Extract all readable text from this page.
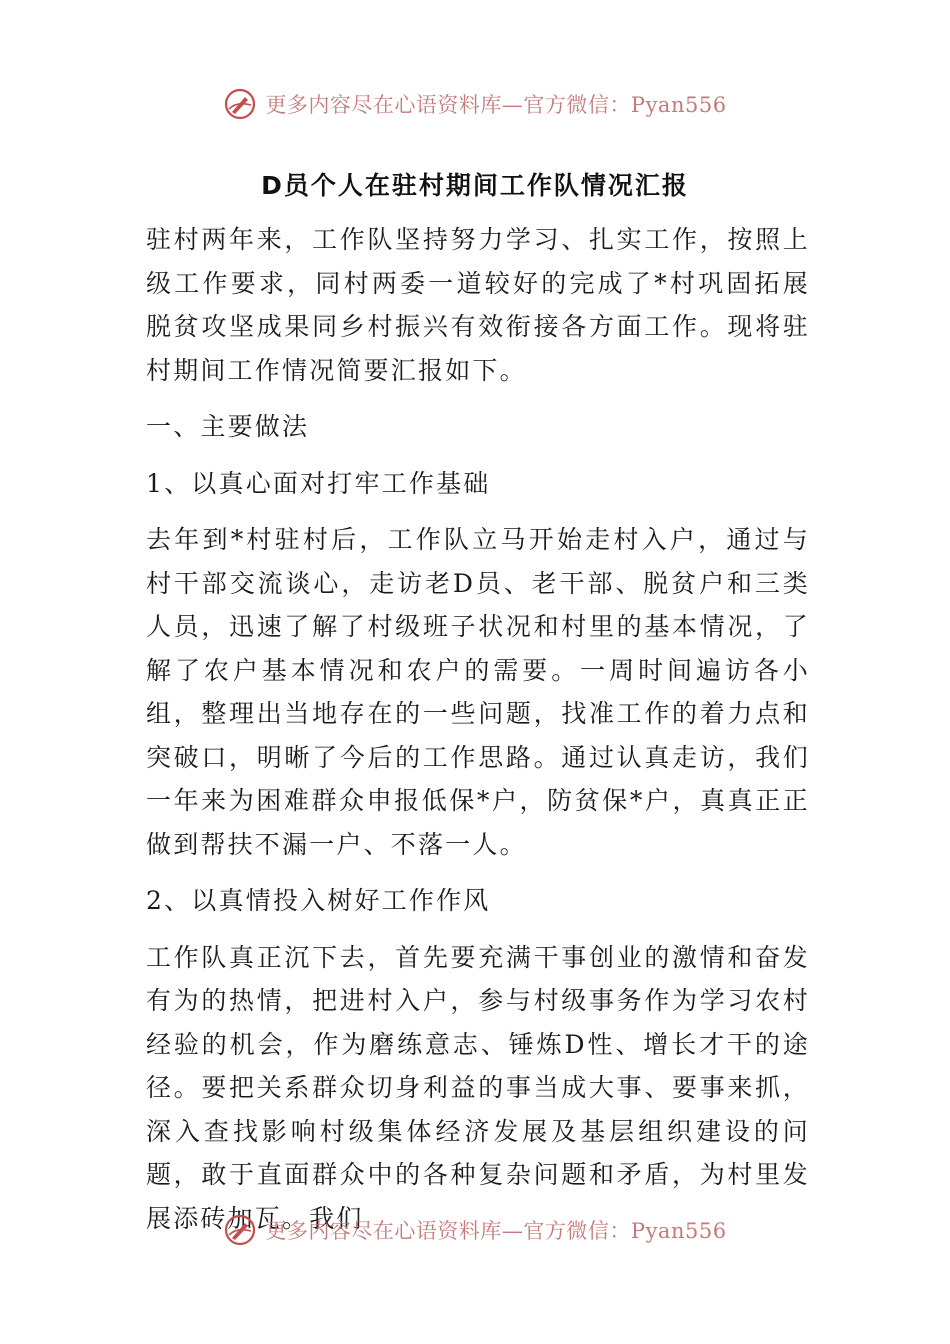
更多内容尽在心语资料库—官方微信：Pyan556
D员个人在驻村期间工作队情况汇报

驻村两年来，工作队坚持努力学习、扎实工作，按照上级工作要求，同村两委一道较好的完成了*村巩固拓展脱贫攻坚成果同乡村振兴有效衔接各方面工作。现将驻村期间工作情况简要汇报如下。

一、主要做法

1、以真心面对打牢工作基础

去年到*村驻村后，工作队立马开始走村入户，通过与村干部交流谈心，走访老D员、老干部、脱贫户和三类人员，迅速了解了村级班子状况和村里的基本情况，了解了农户基本情况和农户的需要。一周时间遍访各小组，整理出当地存在的一些问题，找准工作的着力点和突破口，明晰了今后的工作思路。通过认真走访，我们一年来为困难群众申报低保*户，防贫保*户，真真正正做到帮扶不漏一户、不落一人。

2、以真情投入树好工作作风

工作队真正沉下去，首先要充满干事创业的激情和奋发有为的热情，把进村入户，参与村级事务作为学习农村经验的机会，作为磨练意志、锤炼D性、增长才干的途径。要把关系群众切身利益的事当成大事、要事来抓，深入查找影响村级集体经济发展及基层组织建设的问题，敢于直面群众中的各种复杂问题和矛盾，为村里发展添砖加瓦。我们

更多内容尽在心语资料库—官方微信：Pyan556
